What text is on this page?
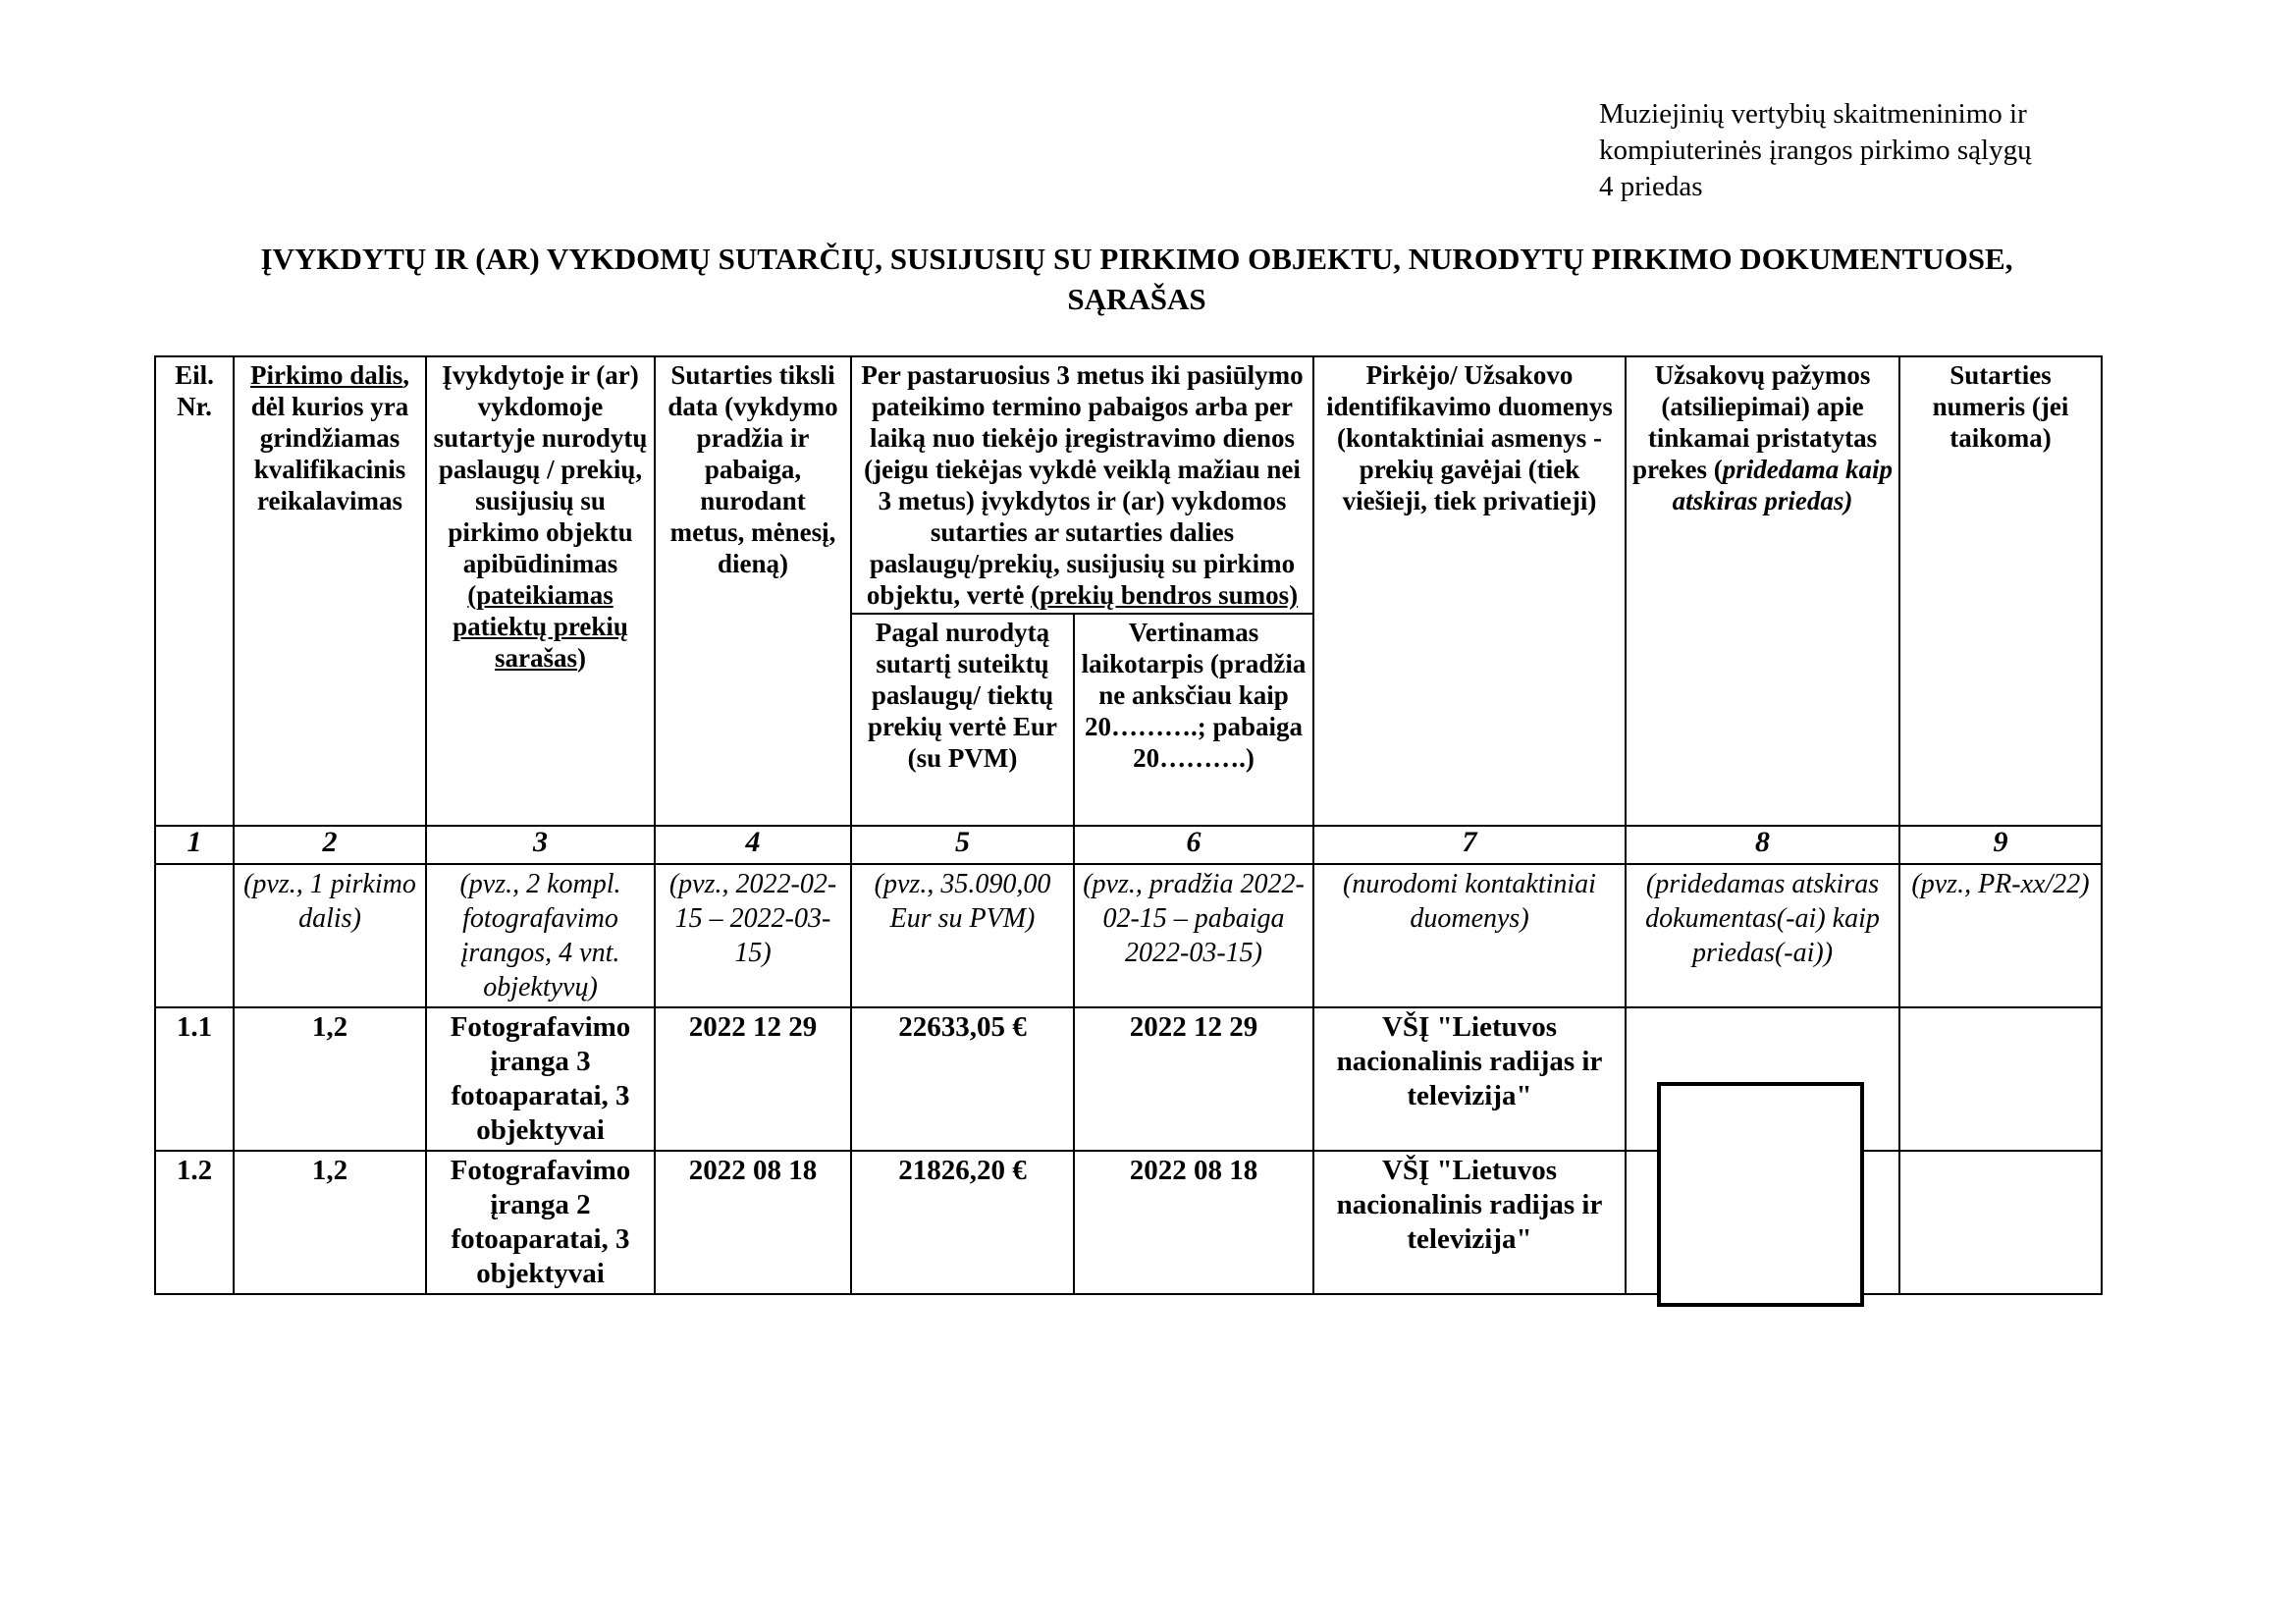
Muziejinių vertybių skaitmeninimo ir
kompiuterinės įrangos pirkimo sąlygų
4 priedas
ĮVYKDYTŲ IR (AR) VYKDOMŲ SUTARČIŲ, SUSIJUSIŲ SU PIRKIMO OBJEKTU, NURODYTŲ PIRKIMO DOKUMENTUOSE,
SĄRAŠAS
Eil. Nr.	Pirkimo dalis, dėl kurios yra grindžiamas kvalifikacinis reikalavimas	Įvykdytoje ir (ar) vykdomoje sutartyje nurodytų paslaugų / prekių, susijusių su pirkimo objektu apibūdinimas (pateikiamas patiektų prekių sarašas)	Sutarties tiksli data (vykdymo pradžia ir pabaiga, nurodant metus, mėnesį, dieną)	Per pastaruosius 3 metus iki pasiūlymo pateikimo termino pabaigos arba per laiką nuo tiekėjo įregistravimo dienos (jeigu tiekėjas vykdė veiklą mažiau nei 3 metus) įvykdytos ir (ar) vykdomos sutarties ar sutarties dalies paslaugų/prekių, susijusių su pirkimo objektu, vertė (prekių bendros sumos)		Pirkėjo/ Užsakovo identifikavimo duomenys (kontaktiniai asmenys - prekių gavėjai (tiek viešieji, tiek privatieji)	Užsakovų pažymos (atsiliepimai) apie tinkamai pristatytas prekes (pridedama kaip atskiras priedas)	Sutarties numeris (jei taikoma)
				Pagal nurodytą sutartį suteiktų paslaugų/ tiektų prekių vertė Eur (su PVM)	Vertinamas laikotarpis (pradžia ne anksčiau kaip 20……….; pabaiga 20……….)			
1	2	3	4	5	6	7	8	9
	(pvz., 1 pirkimo dalis)	(pvz., 2 kompl. fotografavimo įrangos, 4 vnt. objektyvų)	(pvz., 2022-02-15 – 2022-03-15)	(pvz., 35.090,00 Eur su PVM)	(pvz., pradžia 2022-02-15 – pabaiga 2022-03-15)	(nurodomi kontaktiniai duomenys)	(pridedamas atskiras dokumentas(-ai) kaip priedas(-ai))	(pvz., PR-xx/22)
1.1	1,2	Fotografavimo įranga 3 fotoaparatai, 3 objektyvai	2022 12 29	22633,05 €	2022 12 29	VŠĮ "Lietuvos nacionalinis radijas ir televizija"		
1.2	1,2	Fotografavimo įranga 2 fotoaparatai, 3 objektyvai	2022 08 18	21826,20 €	2022 08 18	VŠĮ "Lietuvos nacionalinis radijas ir televizija"		
